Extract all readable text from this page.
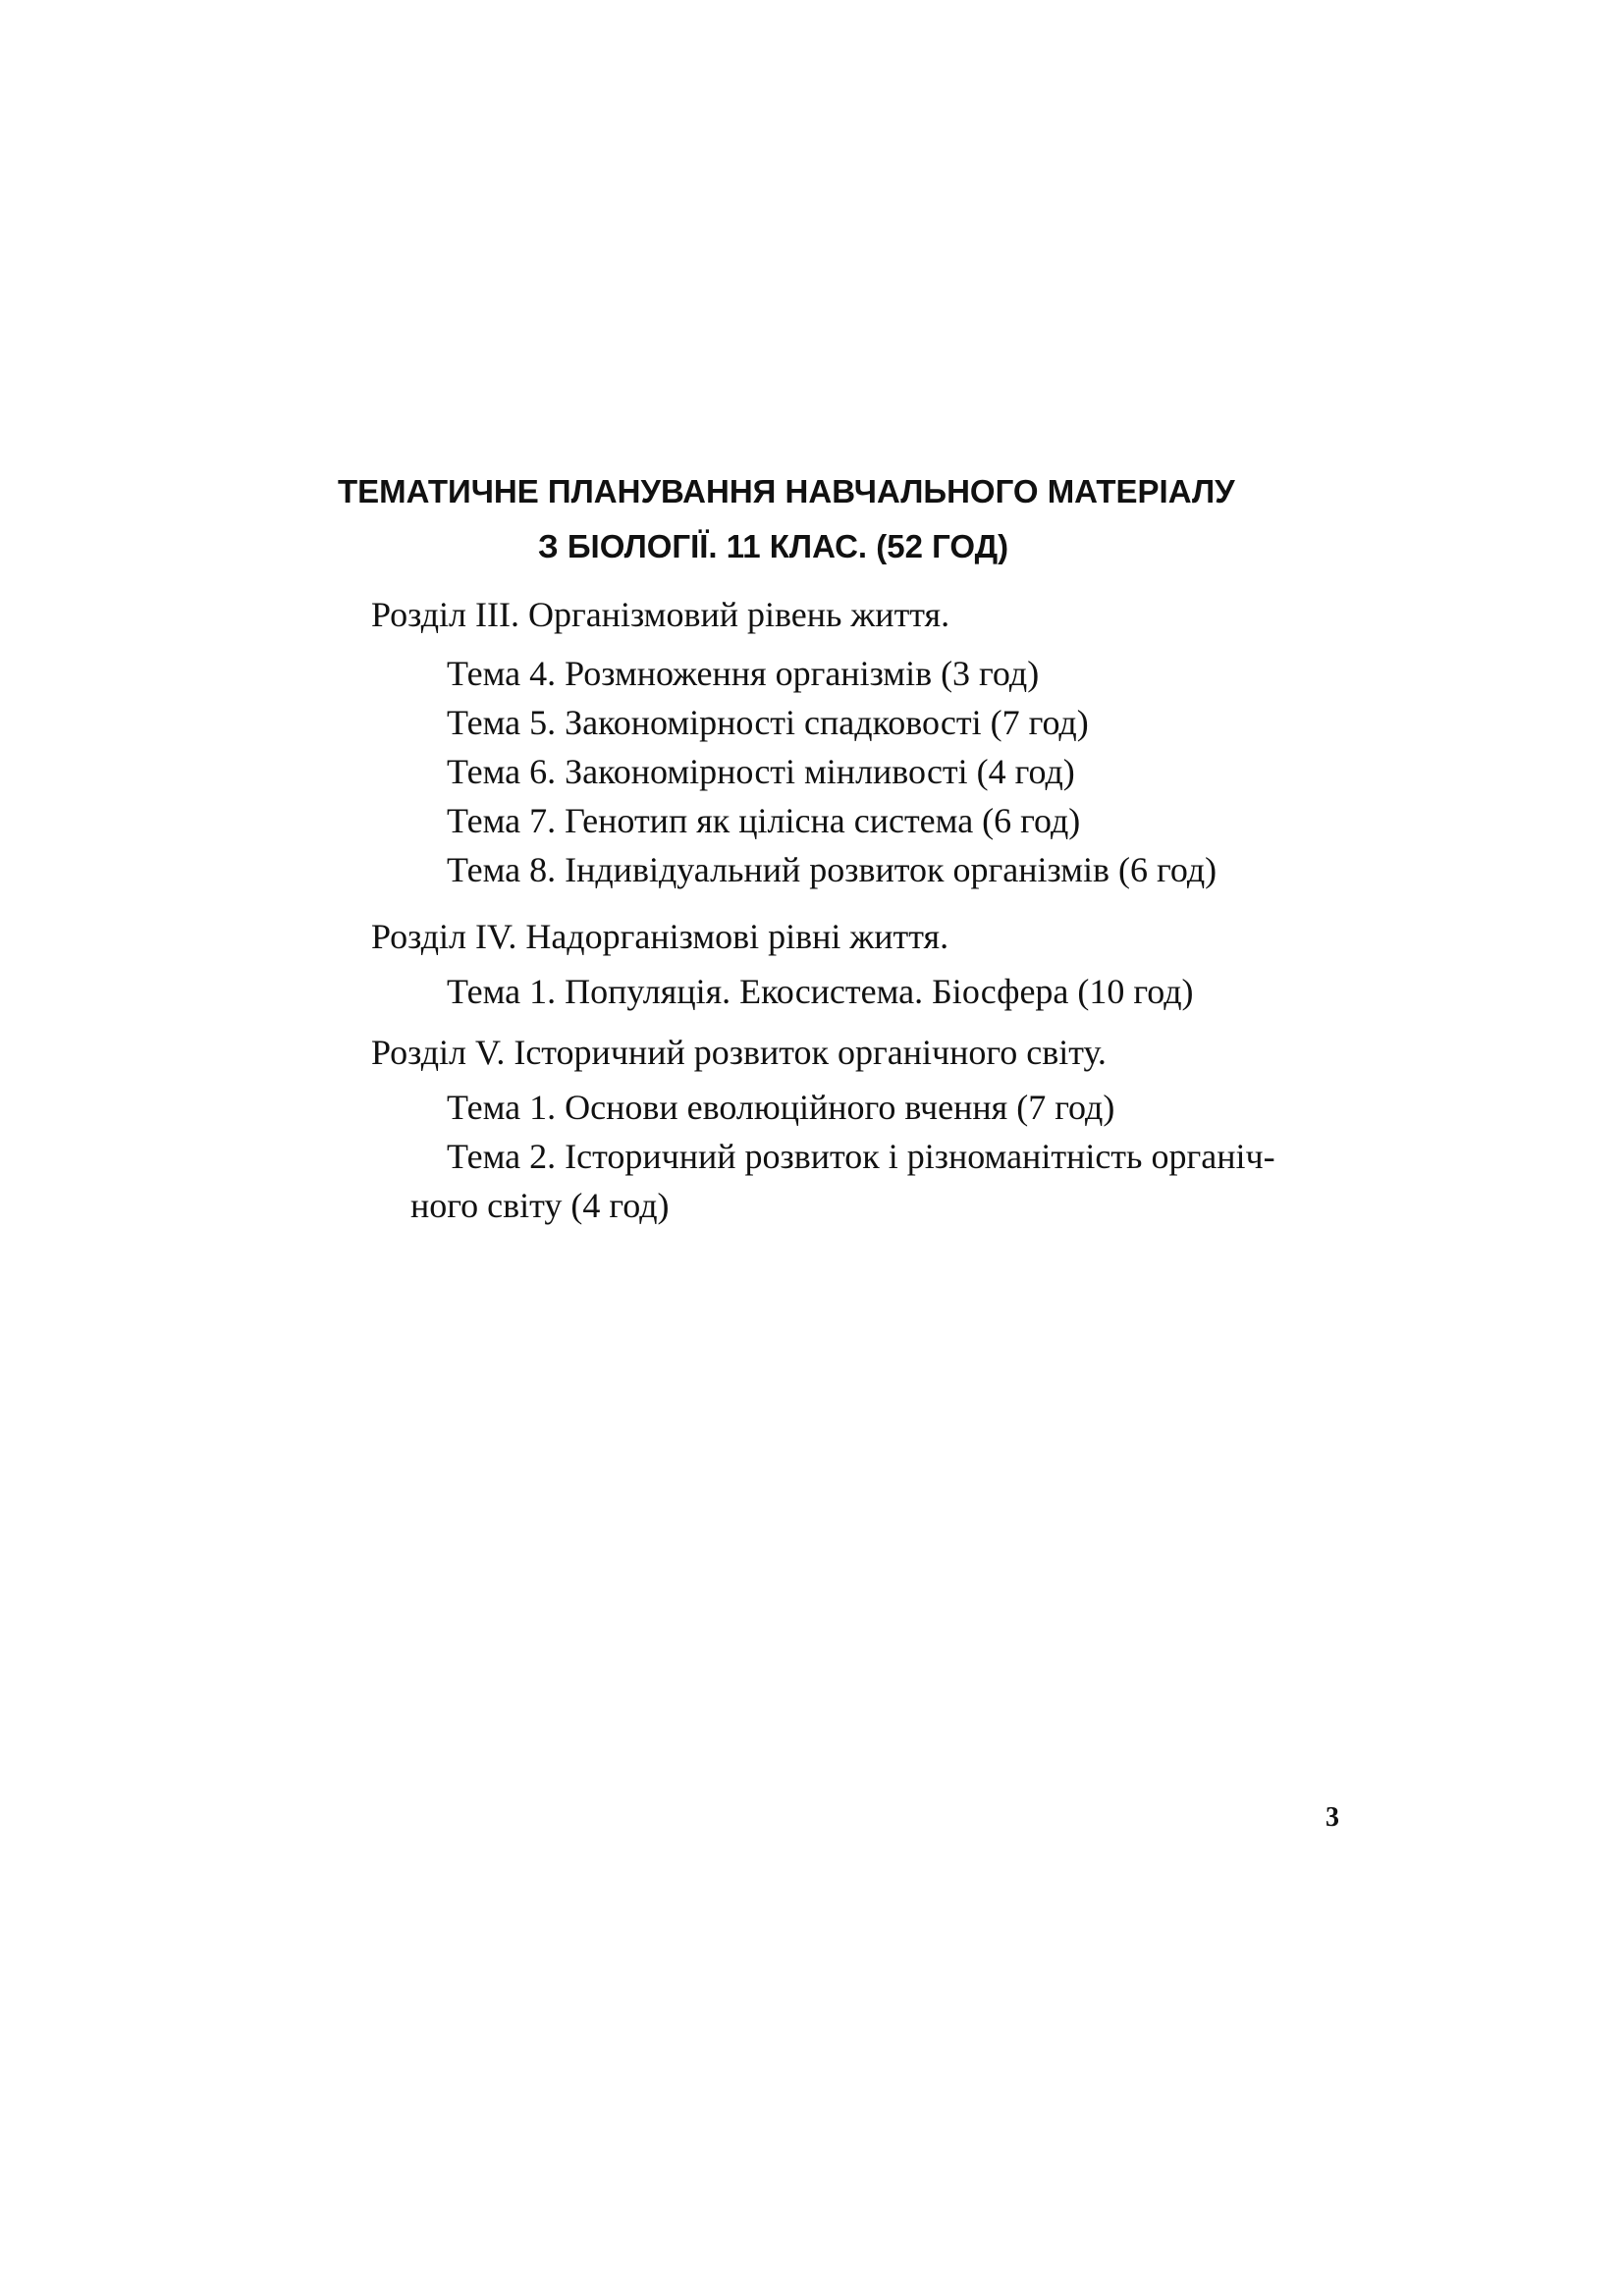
ТЕМАТИЧНЕ ПЛАНУВАННЯ НАВЧАЛЬНОГО МАТЕРІАЛУ
З БІОЛОГІЇ. 11 КЛАС. (52 ГОД)
Розділ III. Організмовий рівень життя.
Тема 4. Розмноження організмів (3 год)
Тема 5. Закономірності спадковості (7 год)
Тема 6. Закономірності мінливості (4 год)
Тема 7. Генотип як цілісна система (6 год)
Тема 8. Індивідуальний розвиток організмів (6 год)
Розділ IV. Надорганізмові рівні життя.
Тема 1. Популяція. Екосистема. Біосфера (10 год)
Розділ V. Історичний розвиток органічного світу.
Тема 1. Основи еволюційного вчення (7 год)
Тема 2. Історичний розвиток і різноманітність органіч-
ного світу (4 год)
3
